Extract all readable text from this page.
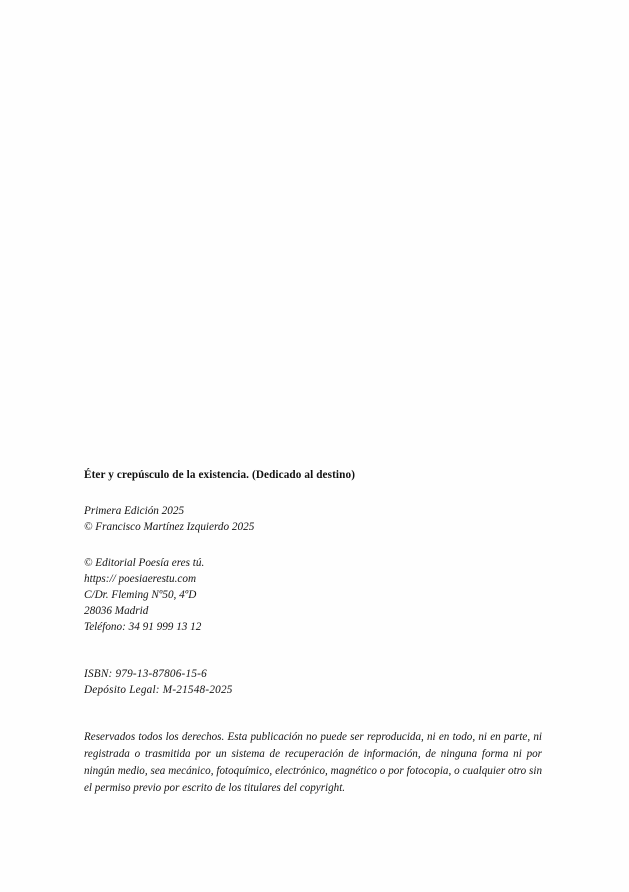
Éter y crepúsculo de la existencia. (Dedicado al destino)

Primera Edición 2025

© Francisco Martínez Izquierdo 2025

© Editorial Poesía eres tú.

https:// poesiaerestu.com

C/Dr. Fleming Nº50, 4ºD

28036 Madrid

Teléfono: 34 91 999 13 12

ISBN: 979-13-87806-15-6

Depósito Legal: M-21548-2025

Reservados todos los derechos. Esta publicación no puede ser reproducida, ni en todo, ni en parte, ni registrada o trasmitida por un sistema de recuperación de información, de ninguna forma ni por ningún medio, sea mecánico, fotoquímico, electrónico, magnético o por fotocopia, o cualquier otro sin el permiso previo por escrito de los titulares del copyright.
